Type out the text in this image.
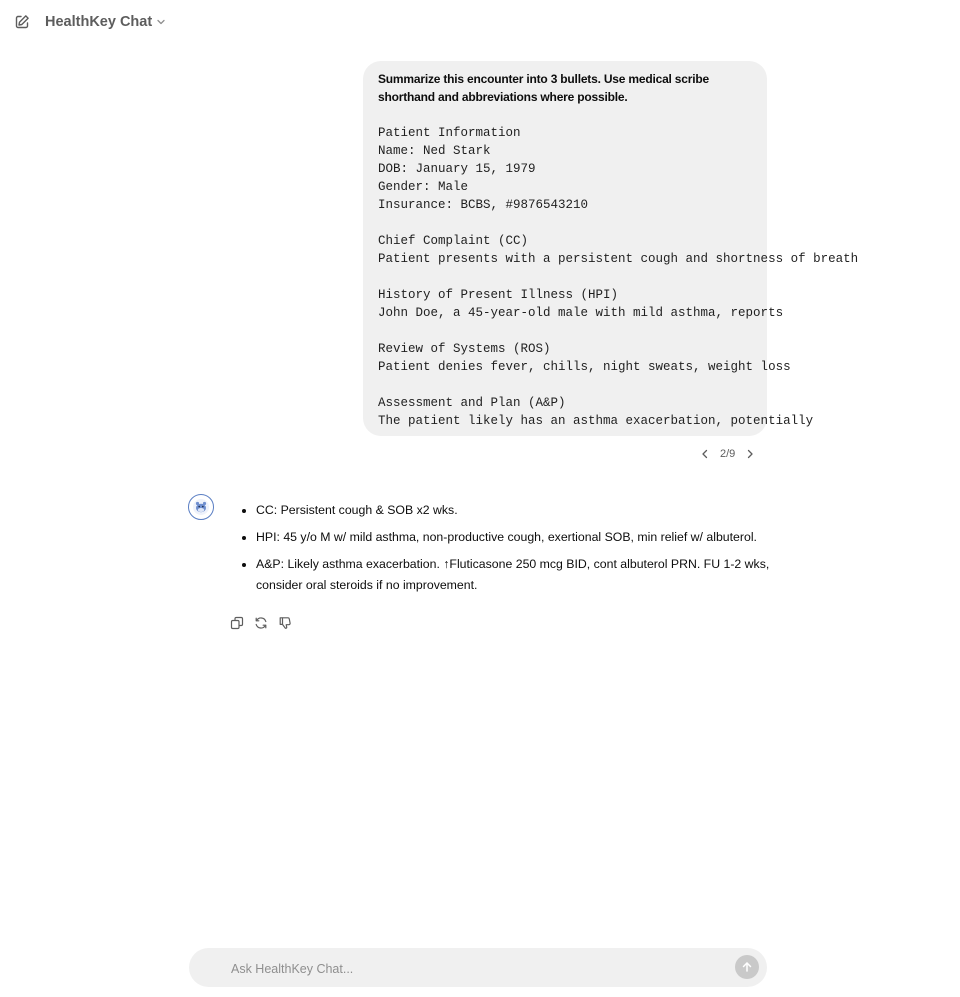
HealthKey Chat

Summarize this encounter into 3 bullets. Use medical scribe shorthand and abbreviations where possible.

Patient Information
Name: Ned Stark
DOB: January 15, 1979
Gender: Male
Insurance: BCBS, #9876543210
Chief Complaint (CC)
Patient presents with a persistent cough and shortness of breath
History of Present Illness (HPI)
John Doe, a 45-year-old male with mild asthma, reports
Review of Systems (ROS)
Patient denies fever, chills, night sweats, weight loss
Assessment and Plan (A&P)
The patient likely has an asthma exacerbation, potentially
2/9
• CC: Persistent cough & SOB x2 wks.
• HPI: 45 y/o M w/ mild asthma, non-productive cough, exertional SOB, min relief w/ albuterol.
• A&P: Likely asthma exacerbation. ↑Fluticasone 250 mcg BID, cont albuterol PRN. FU 1-2 wks, consider oral steroids if no improvement.
Ask HealthKey Chat...
